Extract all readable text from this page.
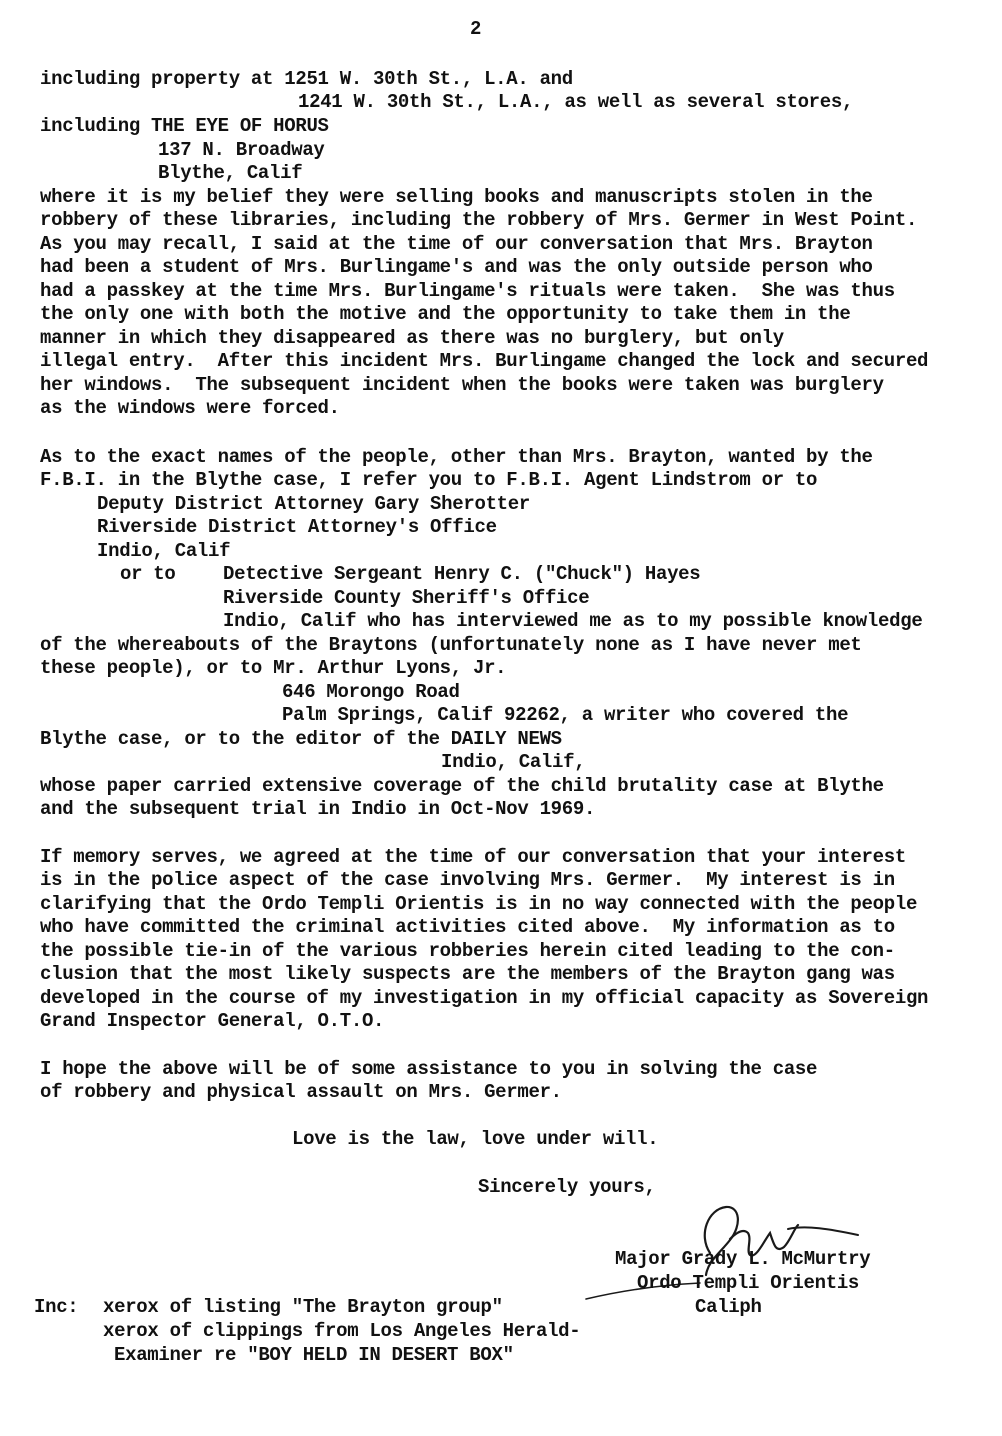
2
including property at 1251 W. 30th St., L.A. and
1241 W. 30th St., L.A., as well as several stores,
including THE EYE OF HORUS
137 N. Broadway
Blythe, Calif
where it is my belief they were selling books and manuscripts stolen in the
robbery of these libraries, including the robbery of Mrs. Germer in West Point.
As you may recall, I said at the time of our conversation that Mrs. Brayton
had been a student of Mrs. Burlingame's and was the only outside person who
had a passkey at the time Mrs. Burlingame's rituals were taken.  She was thus
the only one with both the motive and the opportunity to take them in the
manner in which they disappeared as there was no burglery, but only
illegal entry.  After this incident Mrs. Burlingame changed the lock and secured
her windows.  The subsequent incident when the books were taken was burglery
as the windows were forced.
As to the exact names of the people, other than Mrs. Brayton, wanted by the
F.B.I. in the Blythe case, I refer you to F.B.I. Agent Lindstrom or to
Deputy District Attorney Gary Sherotter
Riverside District Attorney's Office
Indio, Calif
or to Detective Sergeant Henry C. ("Chuck") Hayes
Riverside County Sheriff's Office
Indio, Calif who has interviewed me as to my possible knowledge
of the whereabouts of the Braytons (unfortunately none as I have never met
these people), or to Mr. Arthur Lyons, Jr.
646 Morongo Road
Palm Springs, Calif 92262, a writer who covered the
Blythe case, or to the editor of the DAILY NEWS
Indio, Calif,
whose paper carried extensive coverage of the child brutality case at Blythe
and the subsequent trial in Indio in Oct-Nov 1969.
If memory serves, we agreed at the time of our conversation that your interest
is in the police aspect of the case involving Mrs. Germer.  My interest is in
clarifying that the Ordo Templi Orientis is in no way connected with the people
who have committed the criminal activities cited above.  My information as to
the possible tie-in of the various robberies herein cited leading to the con-
clusion that the most likely suspects are the members of the Brayton gang was
developed in the course of my investigation in my official capacity as Sovereign
Grand Inspector General, O.T.O.
I hope the above will be of some assistance to you in solving the case
of robbery and physical assault on Mrs. Germer.
Love is the law, love under will.
Sincerely yours,
Major Grady L. McMurtry
Ordo Templi Orientis
Caliph
Inc: xerox of listing "The Brayton group"
xerox of clippings from Los Angeles Herald-
Examiner re "BOY HELD IN DESERT BOX"
